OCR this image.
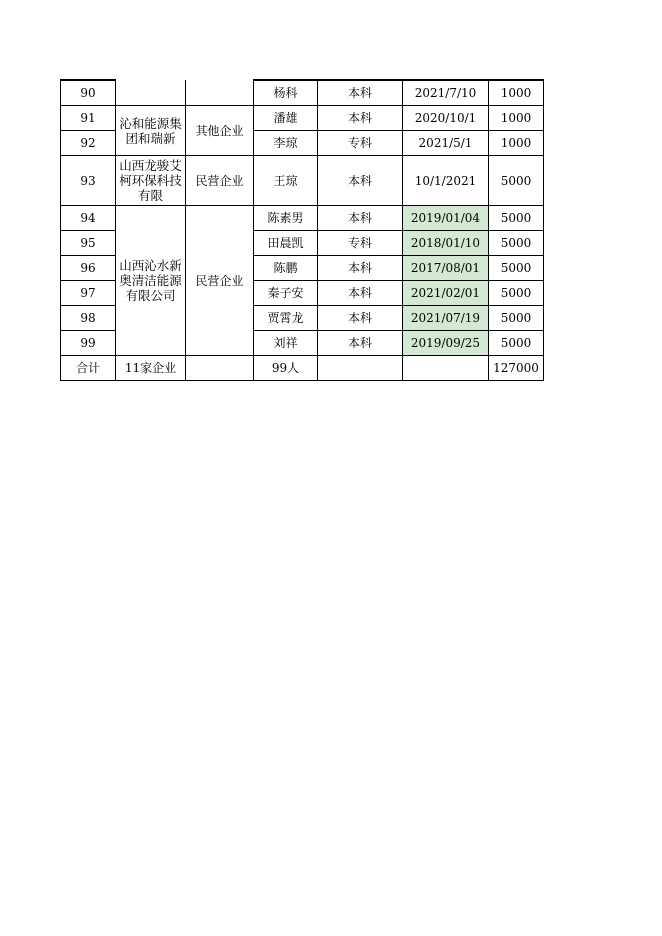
90			杨科	本科	2021/7/10	1000
91	沁和能源集团和瑞新	其他企业	潘雄	本科	2020/10/1	1000
92			李琼	专科	2021/5/1	1000
93	山西龙骏艾柯环保科技有限	民营企业	王琼	本科	10/1/2021	5000
94	山西沁水新奥清洁能源有限公司	民营企业	陈素男	本科	2019/01/04	5000
95			田晨凯	专科	2018/01/10	5000
96			陈鹏	本科	2017/08/01	5000
97			秦子安	本科	2021/02/01	5000
98			贾霄龙	本科	2021/07/19	5000
99			刘祥	本科	2019/09/25	5000
合计	11家企业		99人			127000
